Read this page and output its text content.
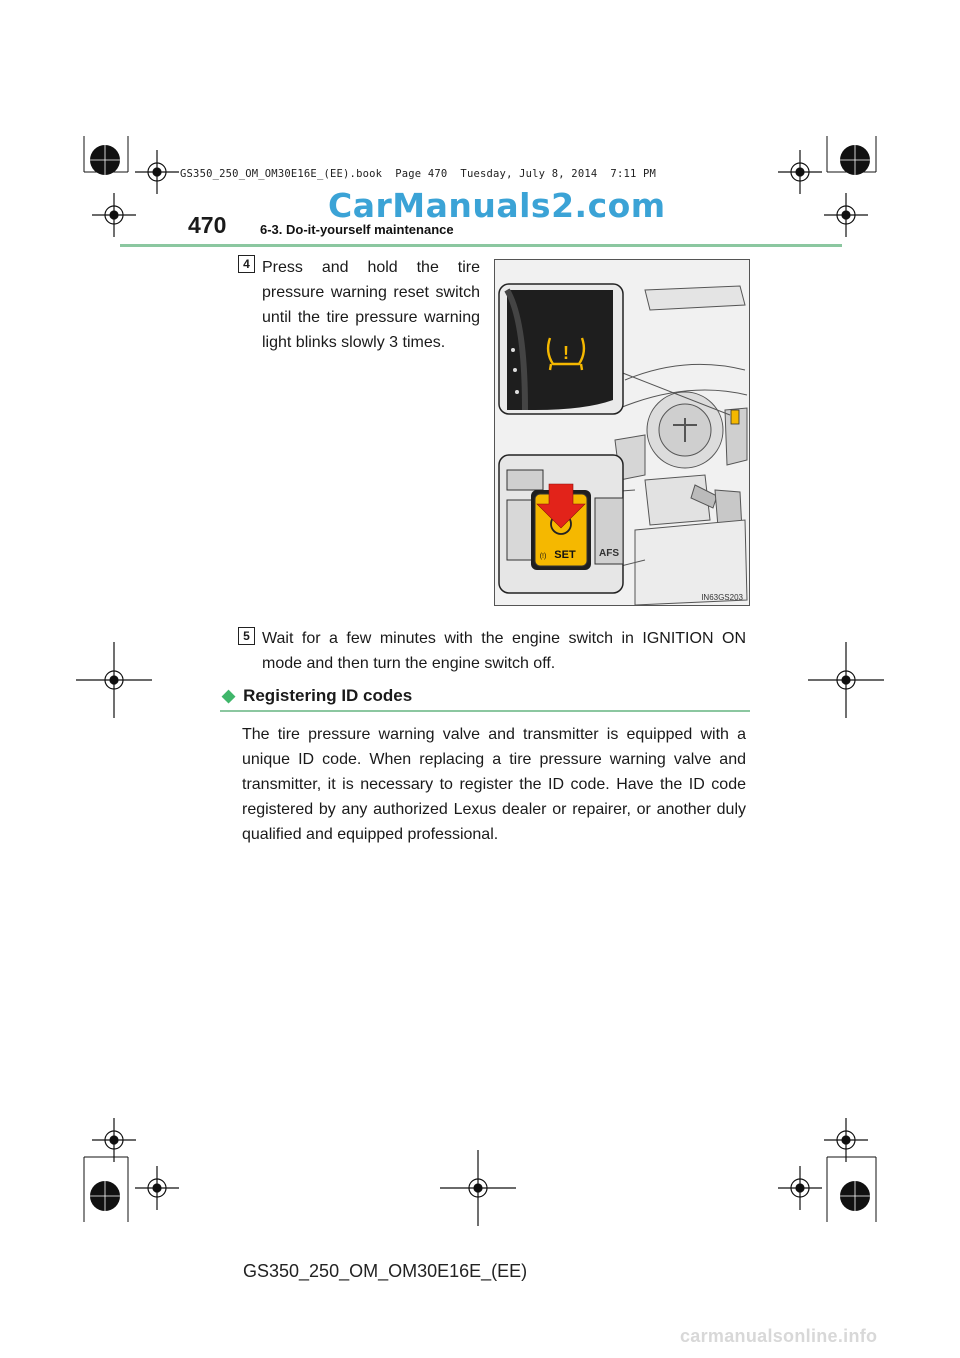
GS350_250_OM_OM30E16E_(EE).book  Page 470  Tuesday, July 8, 2014  7:11 PM
CarManuals2.com
470	6-3. Do-it-yourself maintenance
4 Press and hold the tire pressure warning reset switch until the tire pressure warning light blinks slowly 3 times.
!
SET
(!)	AFS
IN63GS203
5 Wait for a few minutes with the engine switch in IGNITION ON mode and then turn the engine switch off.
◆ Registering ID codes
The tire pressure warning valve and transmitter is equipped with a unique ID code. When replacing a tire pressure warning valve and transmitter, it is necessary to register the ID code. Have the ID code registered by any authorized Lexus dealer or repairer, or another duly qualified and equipped professional.
GS350_250_OM_OM30E16E_(EE)
carmanualsonline.info
